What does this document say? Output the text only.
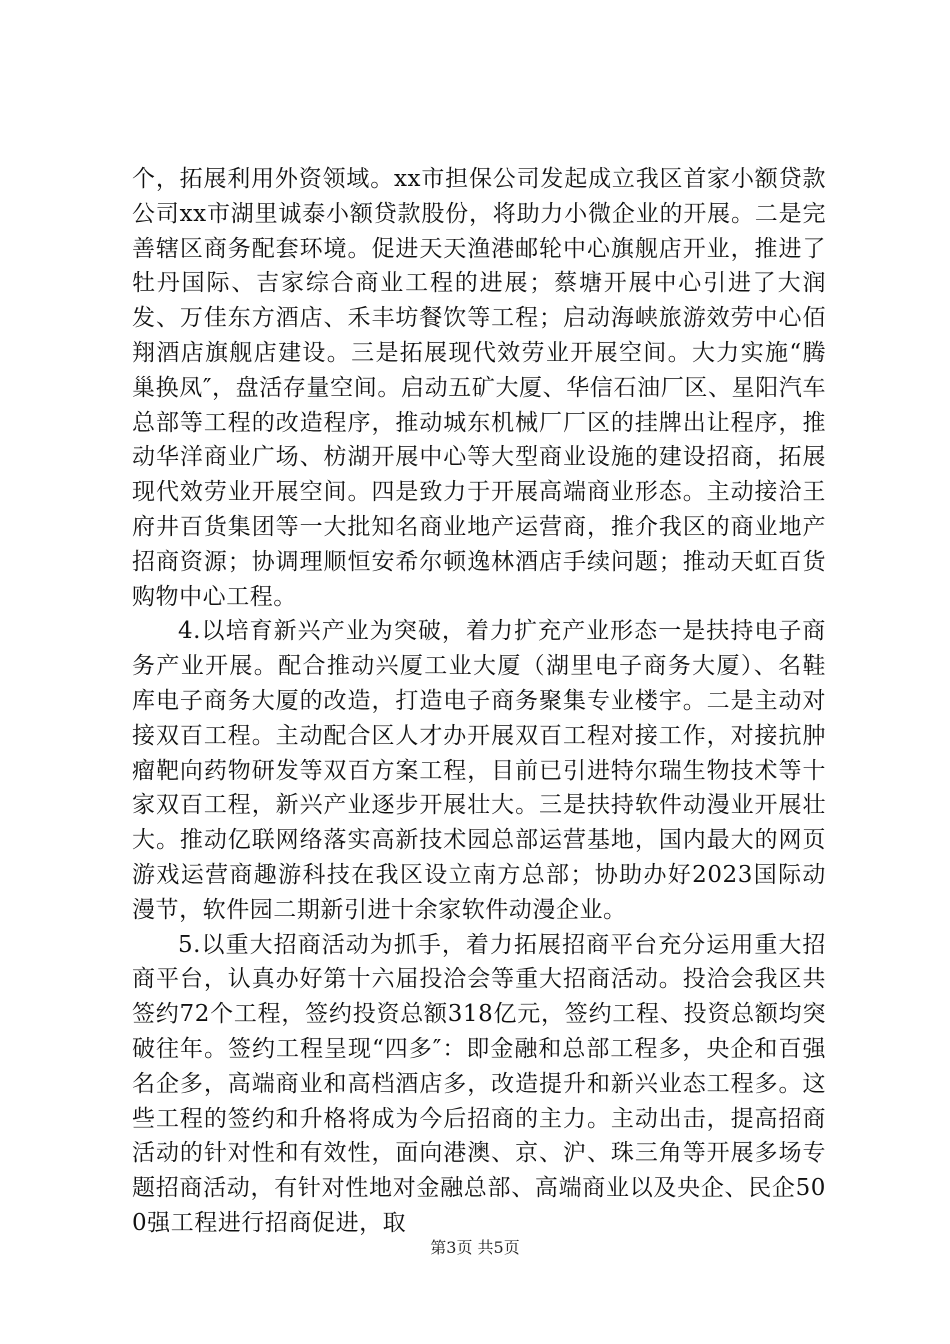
个，拓展利用外资领域。xx市担保公司发起成立我区首家小额贷款公司xx市湖里诚泰小额贷款股份，将助力小微企业的开展。二是完善辖区商务配套环境。促进天天渔港邮轮中心旗舰店开业，推进了牡丹国际、吉家综合商业工程的进展；蔡塘开展中心引进了大润发、万佳东方酒店、禾丰坊餐饮等工程；启动海峡旅游效劳中心佰翔酒店旗舰店建设。三是拓展现代效劳业开展空间。大力实施“腾巢换凤″，盘活存量空间。启动五矿大厦、华信石油厂区、星阳汽车总部等工程的改造程序，推动城东机械厂厂区的挂牌出让程序，推动华洋商业广场、枋湖开展中心等大型商业设施的建设招商，拓展现代效劳业开展空间。四是致力于开展高端商业形态。主动接洽王府井百货集团等一大批知名商业地产运营商，推介我区的商业地产招商资源；协调理顺恒安希尔顿逸林酒店手续问题；推动天虹百货购物中心工程。

4.以培育新兴产业为突破，着力扩充产业形态一是扶持电子商务产业开展。配合推动兴厦工业大厦（湖里电子商务大厦）、名鞋库电子商务大厦的改造，打造电子商务聚集专业楼宇。二是主动对接双百工程。主动配合区人才办开展双百工程对接工作，对接抗肿瘤靶向药物研发等双百方案工程，目前已引进特尔瑞生物技术等十家双百工程，新兴产业逐步开展壮大。三是扶持软件动漫业开展壮大。推动亿联网络落实高新技术园总部运营基地，国内最大的网页游戏运营商趣游科技在我区设立南方总部；协助办好2023国际动漫节，软件园二期新引进十余家软件动漫企业。

5.以重大招商活动为抓手，着力拓展招商平台充分运用重大招商平台，认真办好第十六届投洽会等重大招商活动。投洽会我区共签约72个工程，签约投资总额318亿元，签约工程、投资总额均突破往年。签约工程呈现“四多″：即金融和总部工程多，央企和百强名企多，高端商业和高档酒店多，改造提升和新兴业态工程多。这些工程的签约和升格将成为今后招商的主力。主动出击，提高招商活动的针对性和有效性，面向港澳、京、沪、珠三角等开展多场专题招商活动，有针对性地对金融总部、高端商业以及央企、民企500强工程进行招商促进，取

第3页 共5页
